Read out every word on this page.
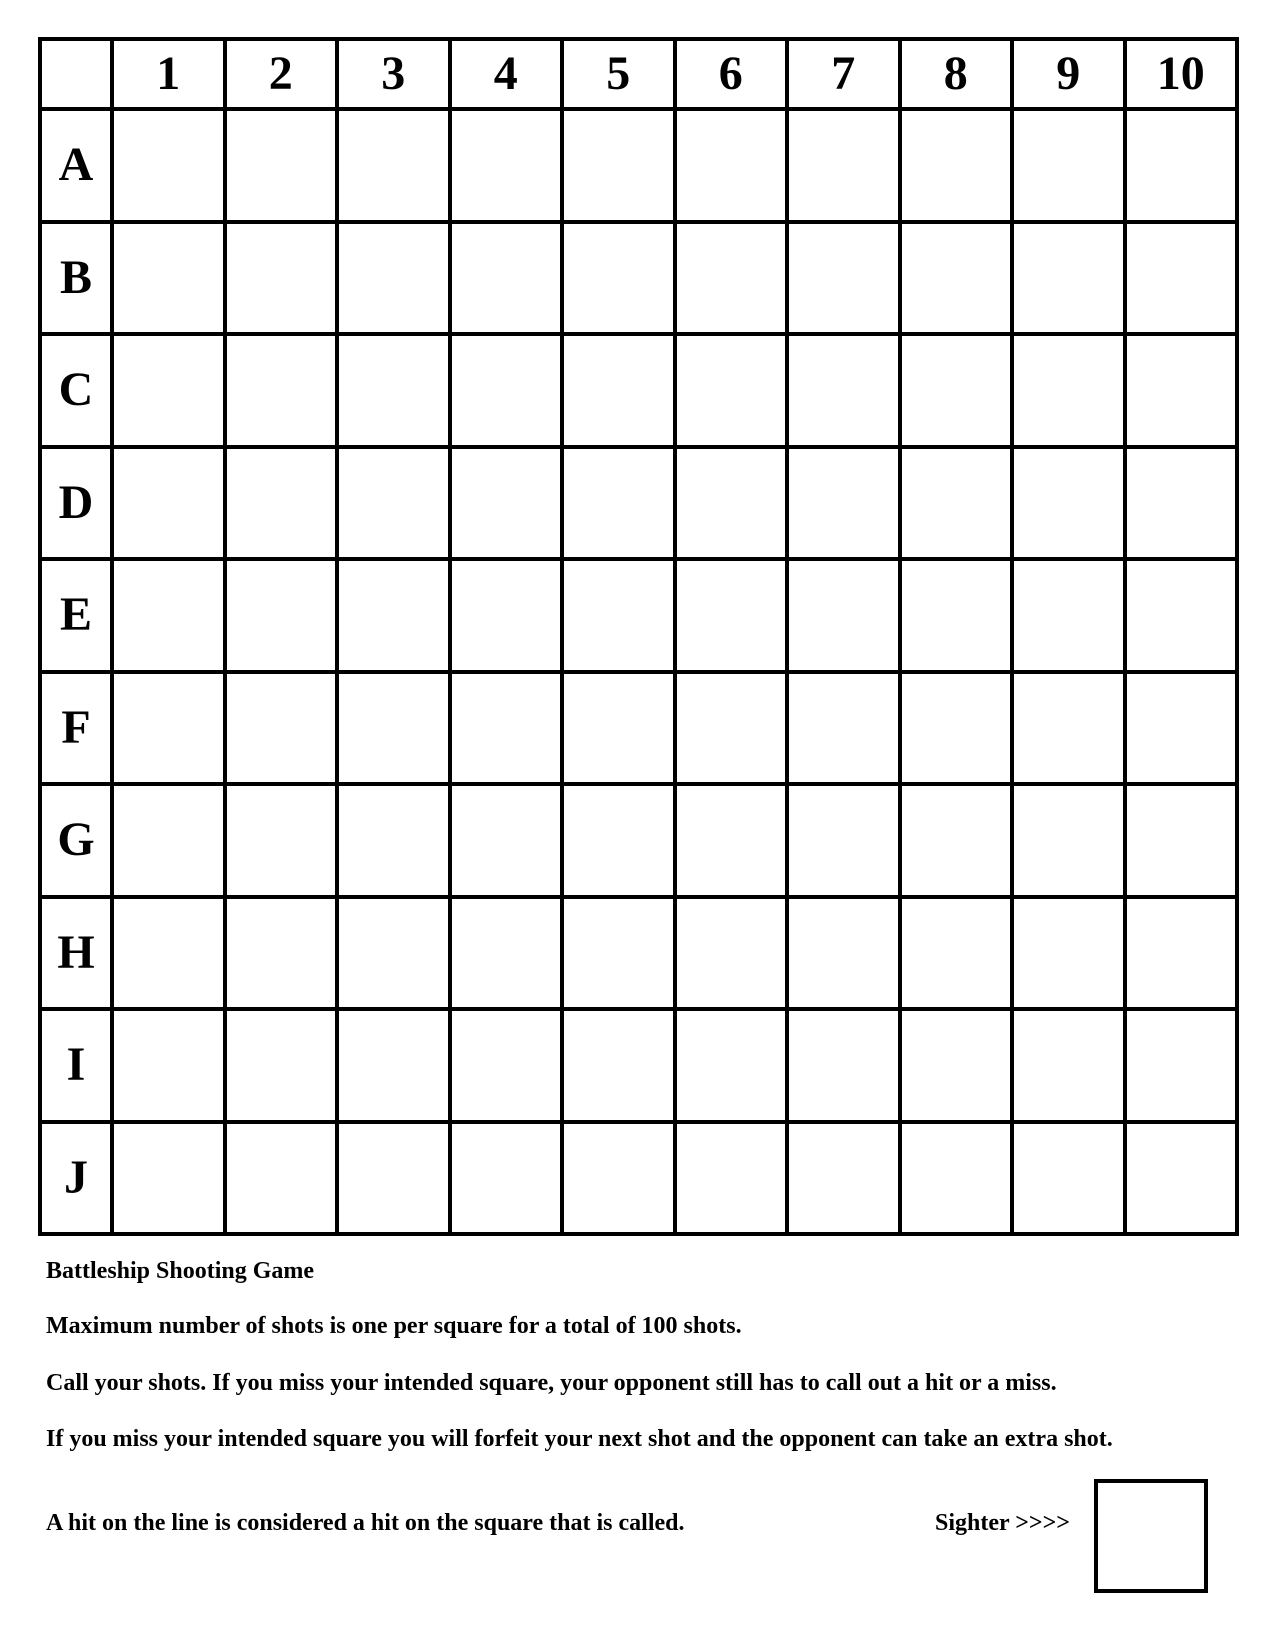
	1	2	3	4	5	6	7	8	9	10
A										
B										
C										
D										
E										
F										
G										
H										
I										
J										
Battleship Shooting Game
Maximum number of shots is one per square for a total of 100 shots.
Call your shots. If you miss your intended square, your opponent still has to call out a hit or a miss.
If you miss your intended square you will forfeit your next shot and the opponent can take an extra shot.
A hit on the line is considered a hit on the square that is called.	Sighter >>>>
